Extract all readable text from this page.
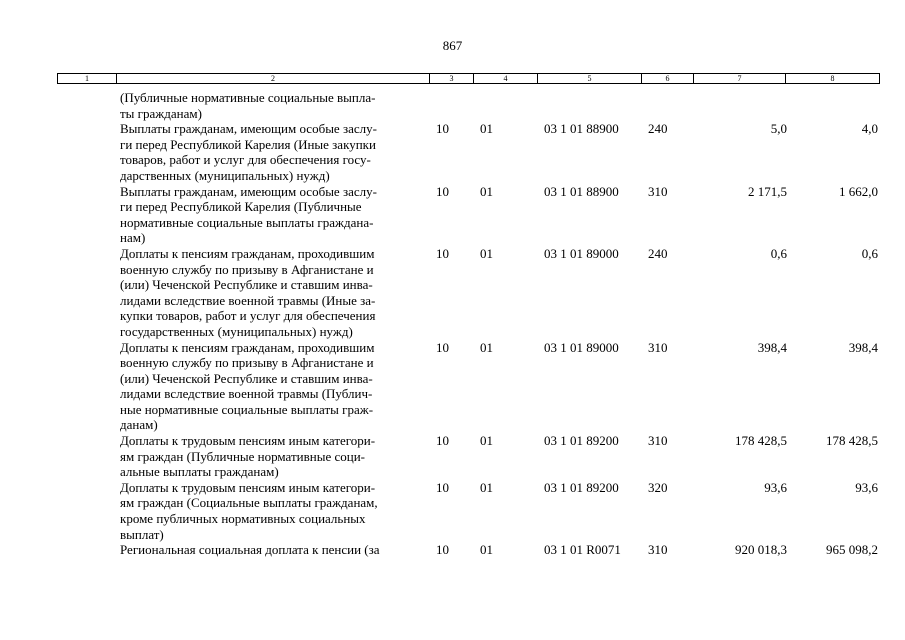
867
1	2	3	4	5	6	7	8
(Публичные нормативные социальные выпла-
ты гражданам)
Выплаты гражданам, имеющим особые заслу-
ги перед Республикой Карелия (Иные закупки
товаров, работ и услуг для обеспечения госу-
дарственных (муниципальных) нужд)
10 01	03 1 01 88900 240	5,0	4,0
Выплаты гражданам, имеющим особые заслу-
ги перед Республикой Карелия (Публичные
нормативные социальные выплаты граждана-
нам)
10 01	03 1 01 88900 310	2 171,5	1 662,0
Доплаты к пенсиям гражданам, проходившим
военную службу по призыву в Афганистане и
(или) Чеченской Республике и ставшим инва-
лидами вследствие военной травмы (Иные за-
купки товаров, работ и услуг для обеспечения
государственных (муниципальных) нужд)
10 01	03 1 01 89000 240	0,6	0,6
Доплаты к пенсиям гражданам, проходившим
военную службу по призыву в Афганистане и
(или) Чеченской Республике и ставшим инва-
лидами вследствие военной травмы (Публич-
ные нормативные социальные выплаты граж-
данам)
10 01	03 1 01 89000 310	398,4	398,4
Доплаты к трудовым пенсиям иным категори-
ям граждан (Публичные нормативные соци-
альные выплаты гражданам)
10 01	03 1 01 89200 310	178 428,5	178 428,5
Доплаты к трудовым пенсиям иным категори-
ям граждан (Социальные выплаты гражданам,
кроме публичных нормативных социальных
выплат)
10 01	03 1 01 89200 320	93,6	93,6
Региональная социальная доплата к пенсии (за	10 01	03 1 01 R0071 310	920 018,3	965 098,2
